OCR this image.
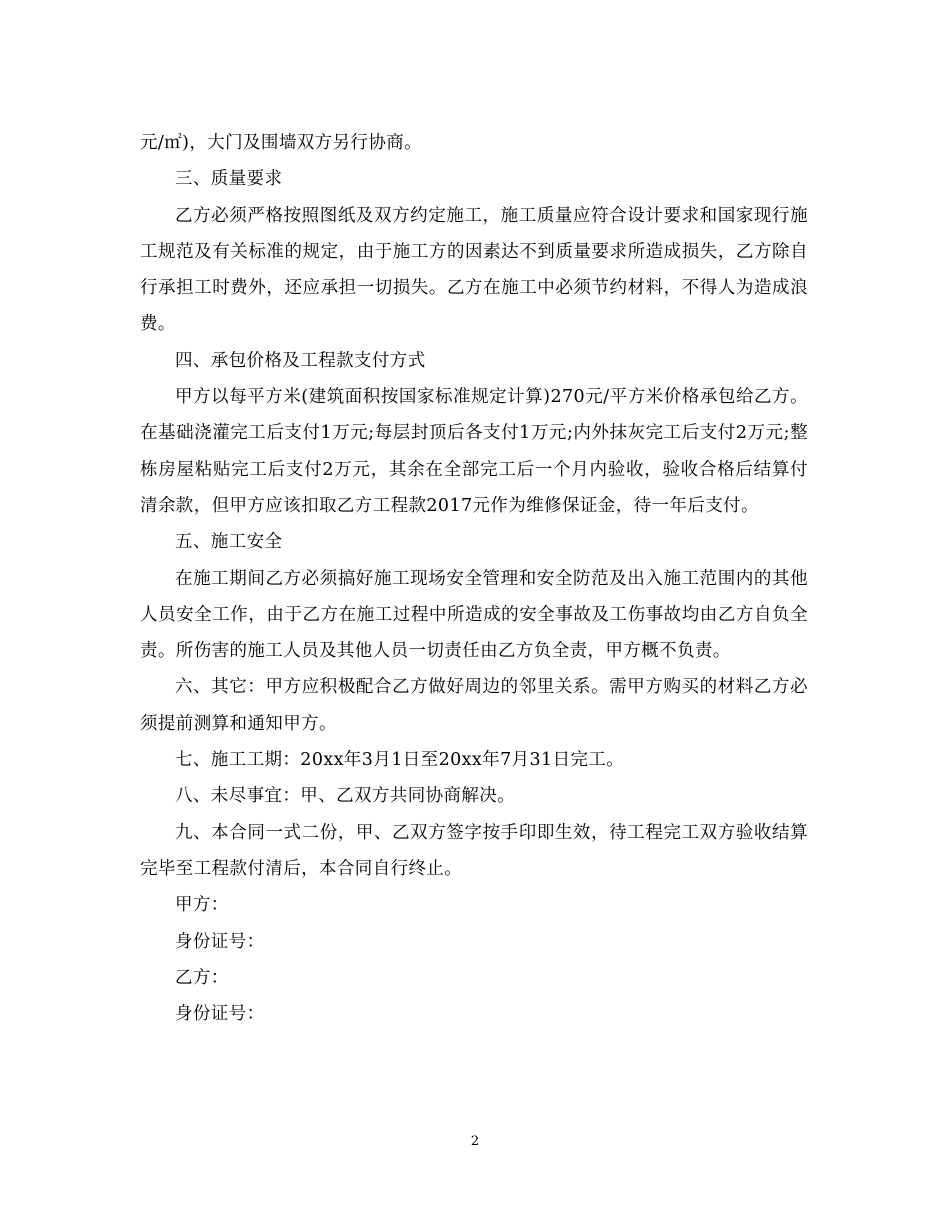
元/㎡)，大门及围墙双方另行协商。

三、质量要求

乙方必须严格按照图纸及双方约定施工，施工质量应符合设计要求和国家现行施工规范及有关标准的规定，由于施工方的因素达不到质量要求所造成损失，乙方除自行承担工时费外，还应承担一切损失。乙方在施工中必须节约材料，不得人为造成浪费。

四、承包价格及工程款支付方式

甲方以每平方米(建筑面积按国家标准规定计算)270元/平方米价格承包给乙方。在基础浇灌完工后支付1万元;每层封顶后各支付1万元;内外抹灰完工后支付2万元;整栋房屋粘贴完工后支付2万元，其余在全部完工后一个月内验收，验收合格后结算付清余款，但甲方应该扣取乙方工程款2017元作为维修保证金，待一年后支付。

五、施工安全

在施工期间乙方必须搞好施工现场安全管理和安全防范及出入施工范围内的其他人员安全工作，由于乙方在施工过程中所造成的安全事故及工伤事故均由乙方自负全责。所伤害的施工人员及其他人员一切责任由乙方负全责，甲方概不负责。

六、其它：甲方应积极配合乙方做好周边的邻里关系。需甲方购买的材料乙方必须提前测算和通知甲方。

七、施工工期：20xx年3月1日至20xx年7月31日完工。

八、未尽事宜：甲、乙双方共同协商解决。

九、本合同一式二份，甲、乙双方签字按手印即生效，待工程完工双方验收结算完毕至工程款付清后，本合同自行终止。

甲方：

身份证号：

乙方：

身份证号：

2
